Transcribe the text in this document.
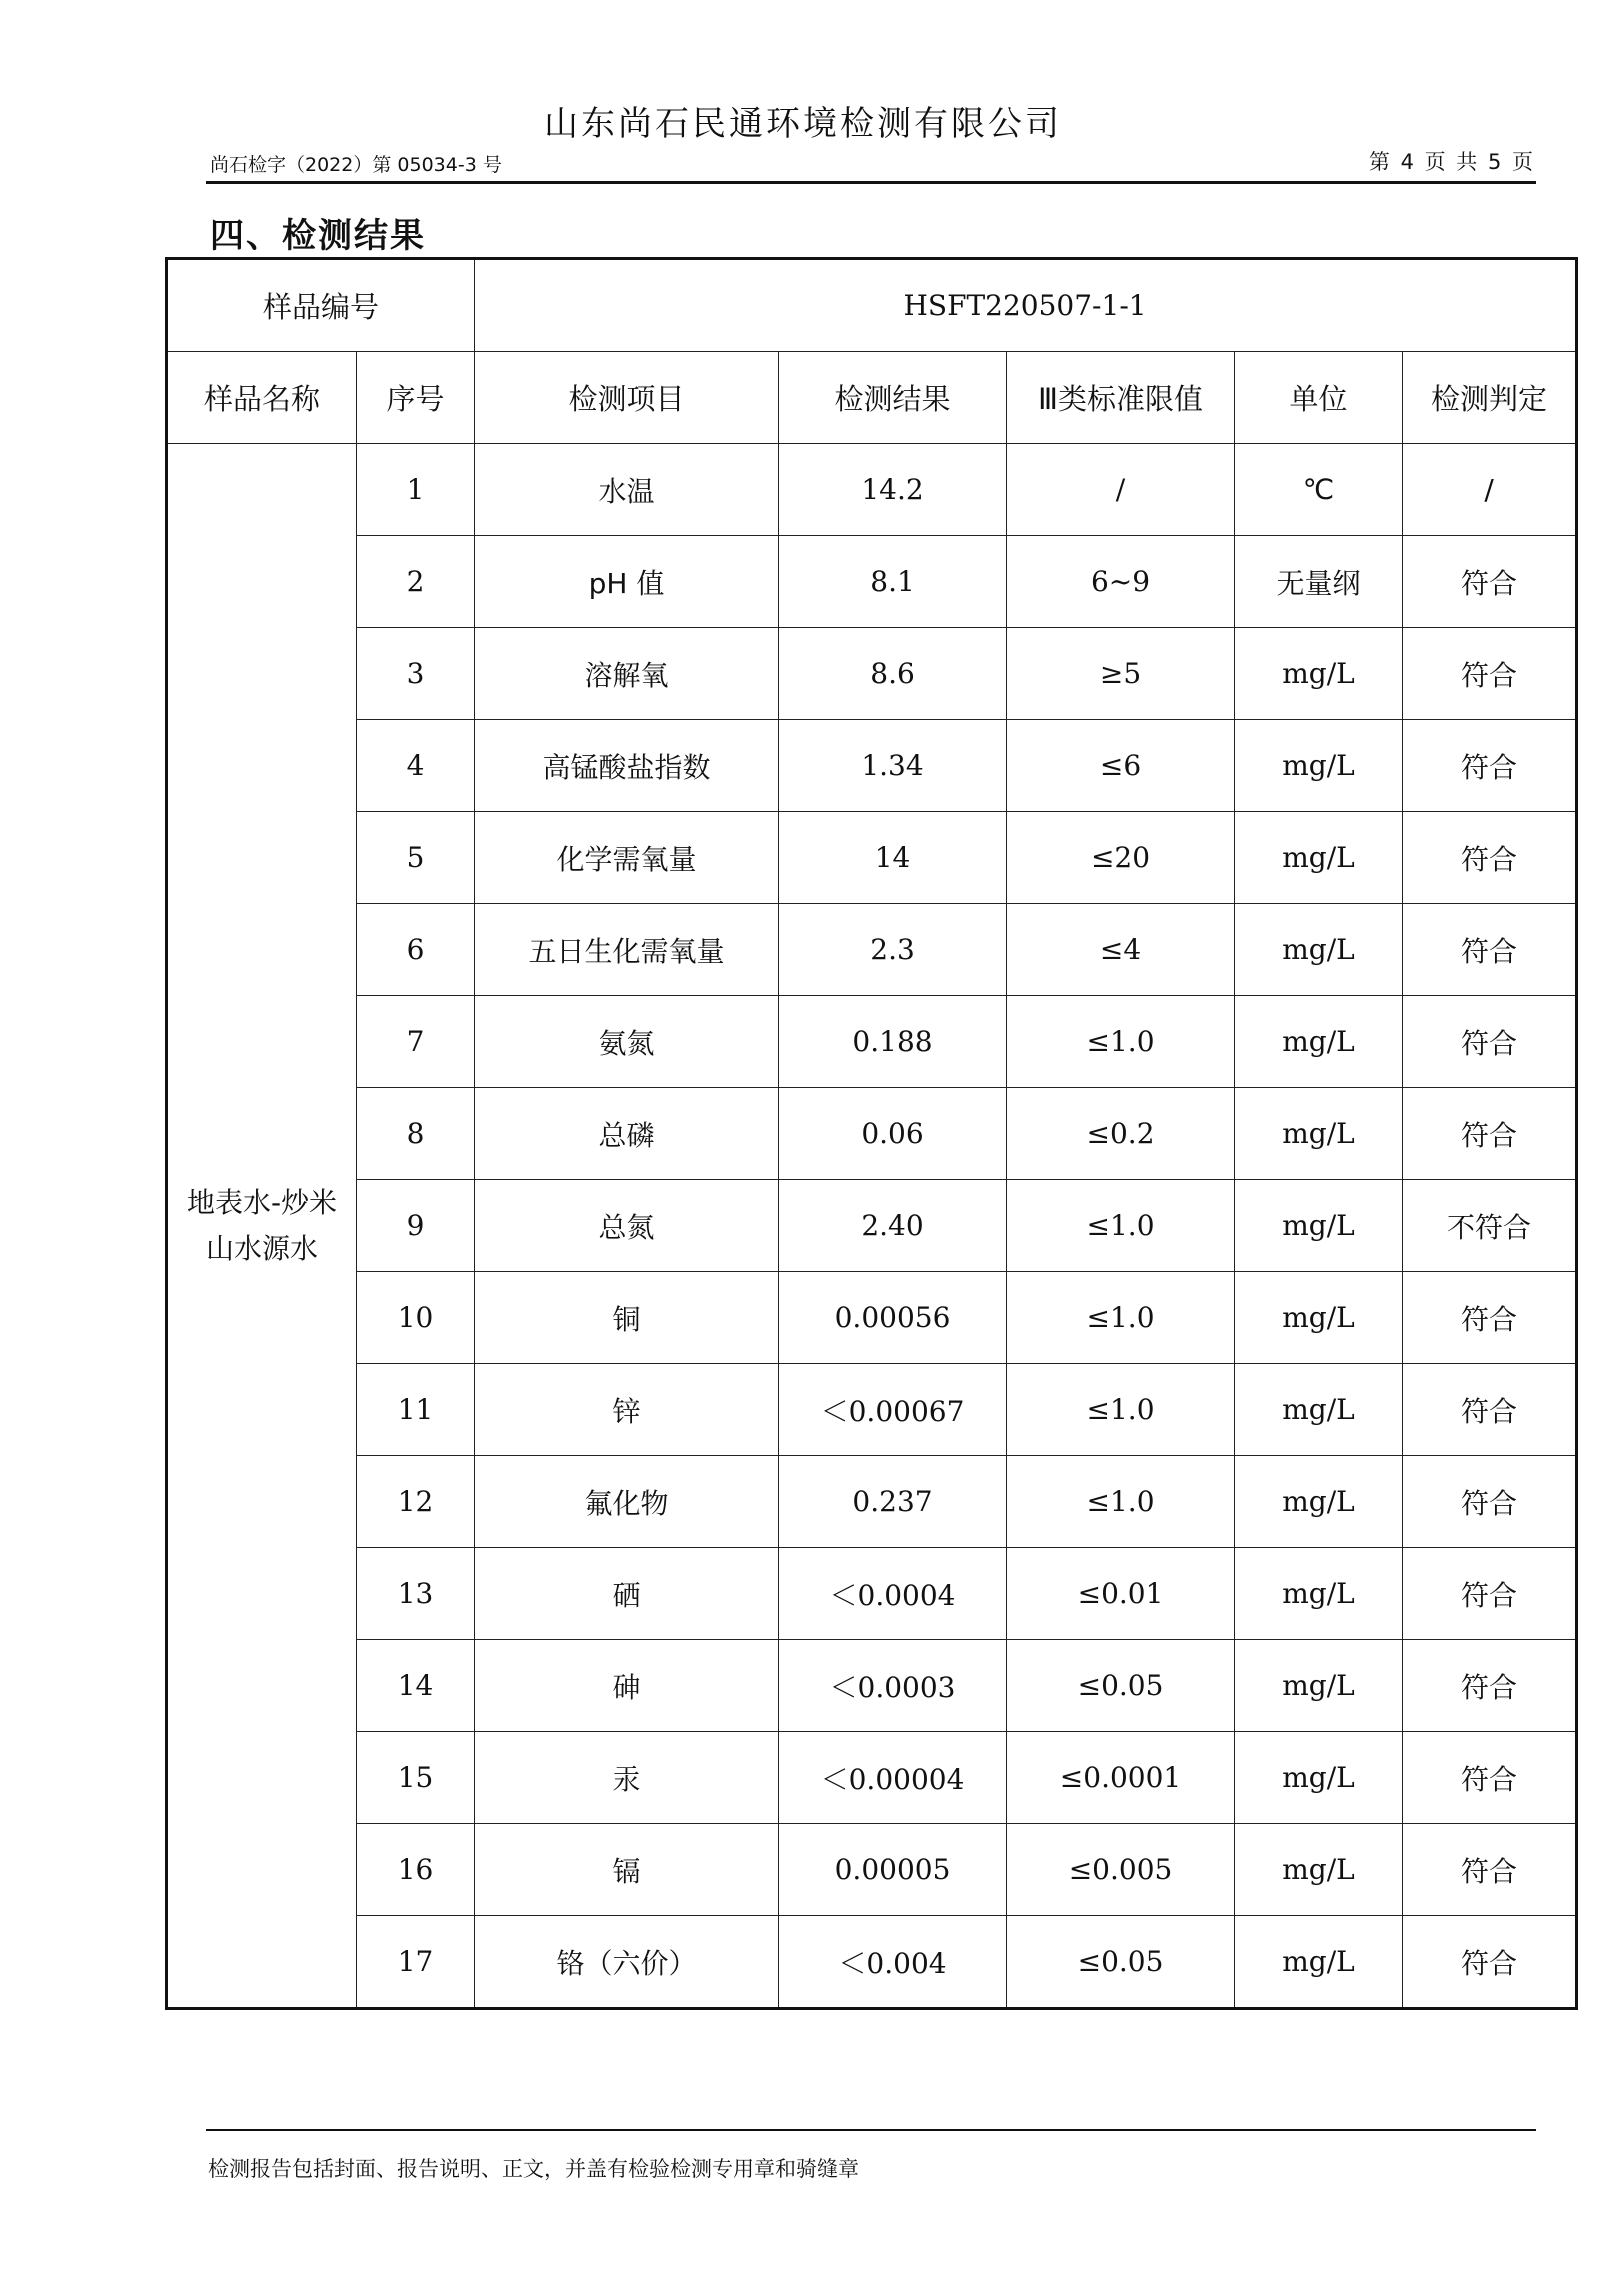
山东尚石民通环境检测有限公司
尚石检字（2022）第 05034-3 号	第 4 页 共 5 页
四、检测结果
样品编号		HSFT220507-1-1				
样品名称	序号	检测项目	检测结果	Ⅲ类标准限值	单位	检测判定
地表水-炒米山水源水	1	水温	14.2	/	℃	/
	2	pH 值	8.1	6~9	无量纲	符合
	3	溶解氧	8.6	≥5	mg/L	符合
	4	高锰酸盐指数	1.34	≤6	mg/L	符合
	5	化学需氧量	14	≤20	mg/L	符合
	6	五日生化需氧量	2.3	≤4	mg/L	符合
	7	氨氮	0.188	≤1.0	mg/L	符合
	8	总磷	0.06	≤0.2	mg/L	符合
	9	总氮	2.40	≤1.0	mg/L	不符合
	10	铜	0.00056	≤1.0	mg/L	符合
	11	锌	＜0.00067	≤1.0	mg/L	符合
	12	氟化物	0.237	≤1.0	mg/L	符合
	13	硒	＜0.0004	≤0.01	mg/L	符合
	14	砷	＜0.0003	≤0.05	mg/L	符合
	15	汞	＜0.00004	≤0.0001	mg/L	符合
	16	镉	0.00005	≤0.005	mg/L	符合
	17	铬（六价）	＜0.004	≤0.05	mg/L	符合
检测报告包括封面、报告说明、正文，并盖有检验检测专用章和骑缝章
